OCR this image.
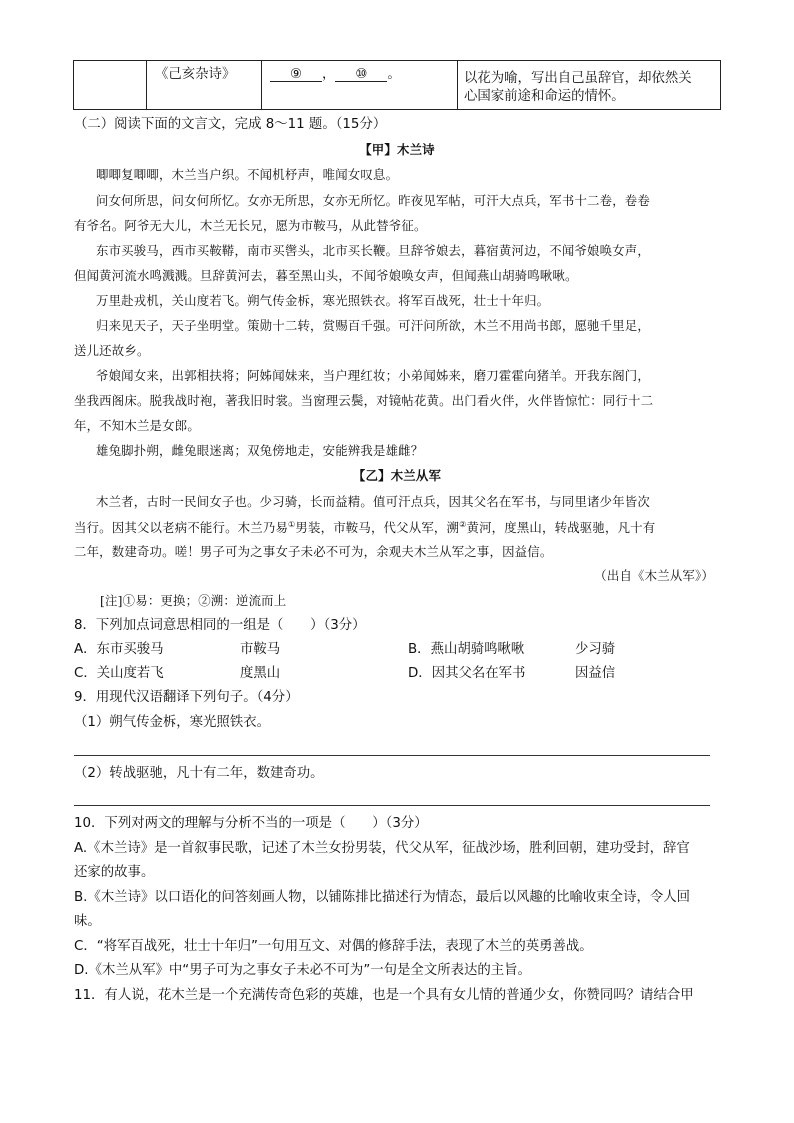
《己亥杂诗》	⑨ ， ⑩ 。	以花为喻，写出自己虽辞官，却依然关
心国家前途和命运的情怀。
（二）阅读下面的文言文，完成 8～11 题。（15分）
【甲】木兰诗
唧唧复唧唧，木兰当户织。不闻机杼声，唯闻女叹息。
问女何所思，问女何所忆。女亦无所思，女亦无所忆。昨夜见军帖，可汗大点兵，军书十二卷，卷卷
有爷名。阿爷无大儿，木兰无长兄，愿为市鞍马，从此替爷征。
东市买骏马，西市买鞍鞯，南市买辔头，北市买长鞭。旦辞爷娘去，暮宿黄河边，不闻爷娘唤女声，
但闻黄河流水鸣溅溅。旦辞黄河去，暮至黑山头，不闻爷娘唤女声，但闻燕山胡骑鸣啾啾。
万里赴戎机，关山度若飞。朔气传金柝，寒光照铁衣。将军百战死，壮士十年归。
归来见天子，天子坐明堂。策勋十二转，赏赐百千强。可汗问所欲，木兰不用尚书郎，愿驰千里足，
送儿还故乡。
爷娘闻女来，出郭相扶将；阿姊闻妹来，当户理红妆；小弟闻姊来，磨刀霍霍向猪羊。开我东阁门，
坐我西阁床。脱我战时袍，著我旧时裳。当窗理云鬓，对镜帖花黄。出门看火伴，火伴皆惊忙：同行十二
年，不知木兰是女郎。
雄兔脚扑朔，雌兔眼迷离；双兔傍地走，安能辨我是雄雌？
【乙】木兰从军
木兰者，古时一民间女子也。少习骑，长而益精。值可汗点兵，因其父名在军书，与同里诸少年皆次
当行。因其父以老病不能行。木兰乃易①男装，市鞍马，代父从军，溯②黄河，度黑山，转战驱驰，凡十有
二年，数建奇功。嗟！男子可为之事女子未必不可为，余观夫木兰从军之事，因益信。
（出自《木兰从军》）
[注]①易：更换；②溯：逆流而上
8．下列加点词意思相同的一组是（　　）（3分）
A．东市买骏马	市鞍马	B．燕山胡骑鸣啾啾	少习骑
C．关山度若飞	度黑山	D．因其父名在军书	因益信
9．用现代汉语翻译下列句子。（4分）
（1）朔气传金柝，寒光照铁衣。
（2）转战驱驰，凡十有二年，数建奇功。
10．下列对两文的理解与分析不当的一项是（　　）（3分）
A.《木兰诗》是一首叙事民歌，记述了木兰女扮男装，代父从军，征战沙场，胜利回朝，建功受封，辞官
还家的故事。
B.《木兰诗》以口语化的问答刻画人物，以铺陈排比描述行为情态，最后以风趣的比喻收束全诗，令人回
味。
C．“将军百战死，壮士十年归”一句用互文、对偶的修辞手法，表现了木兰的英勇善战。
D.《木兰从军》中“男子可为之事女子未必不可为”一句是全文所表达的主旨。
11．有人说，花木兰是一个充满传奇色彩的英雄，也是一个具有女儿情的普通少女，你赞同吗？请结合甲
